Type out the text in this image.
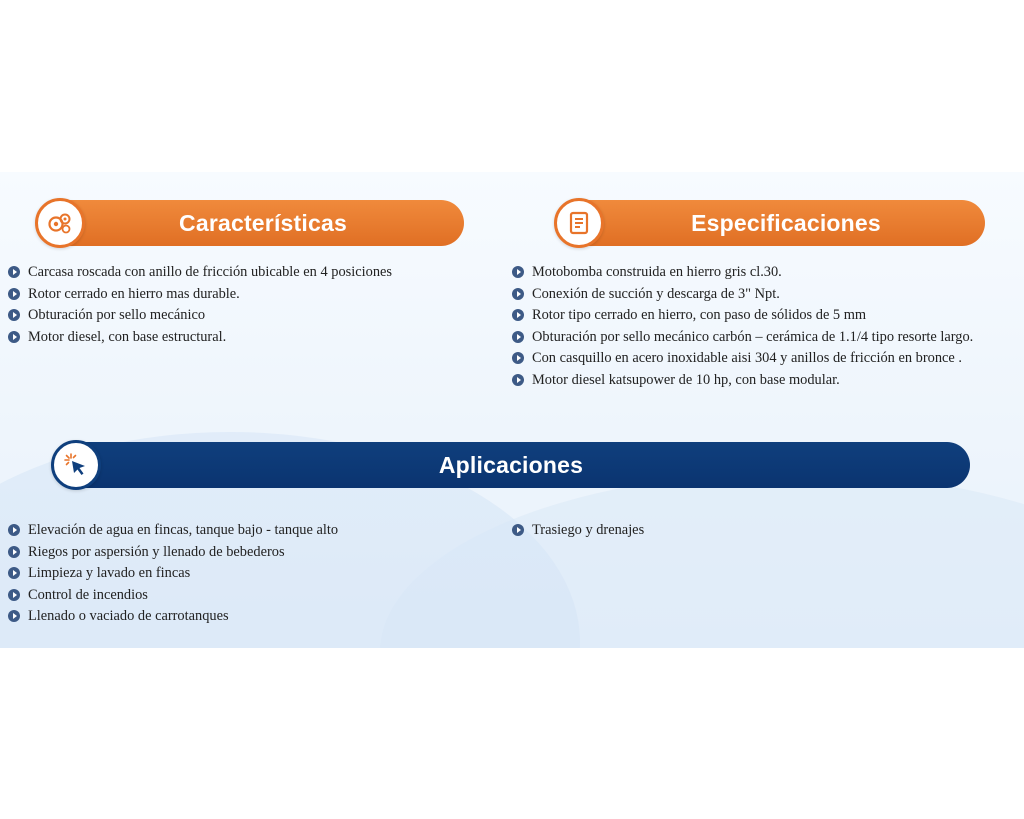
Características	Especificaciones
Carcasa roscada con anillo de fricción ubicable en 4 posiciones
Rotor cerrado en hierro mas durable.
Obturación por sello mecánico
Motor diesel, con base estructural.
Motobomba construida en hierro gris cl.30.
Conexión de succión y descarga de 3" Npt.
Rotor tipo cerrado en hierro, con paso de sólidos de 5 mm
Obturación por sello mecánico carbón – cerámica de 1.1/4 tipo resorte largo.
Con casquillo en acero inoxidable aisi 304 y anillos de fricción en bronce .
Motor diesel katsupower de 10 hp, con base modular.
Aplicaciones
Elevación de agua en fincas, tanque bajo - tanque alto
Riegos por aspersión y llenado de bebederos
Limpieza y lavado en fincas
Control de incendios
Llenado o vaciado de carrotanques
Trasiego y drenajes
